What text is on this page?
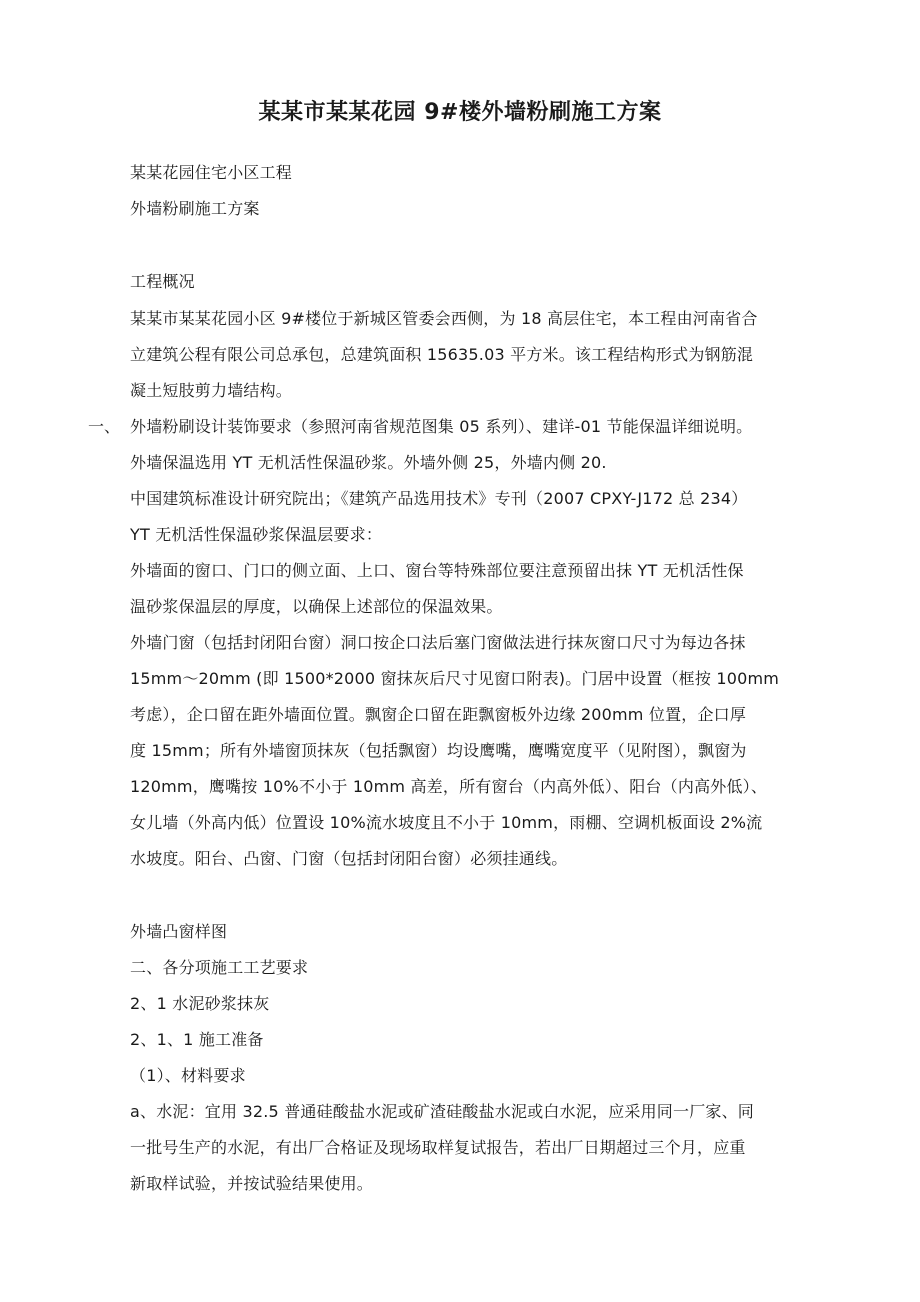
某某市某某花园 9#楼外墙粉刷施工方案
某某花园住宅小区工程
外墙粉刷施工方案
工程概况
某某市某某花园小区 9#楼位于新城区管委会西侧，为 18 高层住宅，本工程由河南省合
立建筑公程有限公司总承包，总建筑面积 15635.03 平方米。该工程结构形式为钢筋混
凝土短肢剪力墙结构。
一、 外墙粉刷设计装饰要求（参照河南省规范图集 05 系列）、建详-01 节能保温详细说明。
外墙保温选用 YT 无机活性保温砂浆。外墙外侧 25，外墙内侧 20.
中国建筑标准设计研究院出；《建筑产品选用技术》专刊（2007 CPXY-J172 总 234）
YT 无机活性保温砂浆保温层要求：
外墙面的窗口、门口的侧立面、上口、窗台等特殊部位要注意预留出抹 YT 无机活性保
温砂浆保温层的厚度，以确保上述部位的保温效果。
外墙门窗（包括封闭阳台窗）洞口按企口法后塞门窗做法进行抹灰窗口尺寸为每边各抹
15mm～20mm (即 1500*2000 窗抹灰后尺寸见窗口附表)。门居中设置（框按 100mm
考虑），企口留在距外墙面位置。飘窗企口留在距飘窗板外边缘 200mm 位置，企口厚
度 15mm；所有外墙窗顶抹灰（包括飘窗）均设鹰嘴，鹰嘴宽度平（见附图），飘窗为
120mm，鹰嘴按 10%不小于 10mm 高差，所有窗台（内高外低）、阳台（内高外低）、
女儿墙（外高内低）位置设 10%流水坡度且不小于 10mm，雨棚、空调机板面设 2%流
水坡度。阳台、凸窗、门窗（包括封闭阳台窗）必须挂通线。
外墙凸窗样图
二、各分项施工工艺要求
2、1 水泥砂浆抹灰
2、1、1 施工准备
（1）、材料要求
a、水泥：宜用 32.5 普通硅酸盐水泥或矿渣硅酸盐水泥或白水泥，应采用同一厂家、同
一批号生产的水泥，有出厂合格证及现场取样复试报告，若出厂日期超过三个月，应重
新取样试验，并按试验结果使用。
